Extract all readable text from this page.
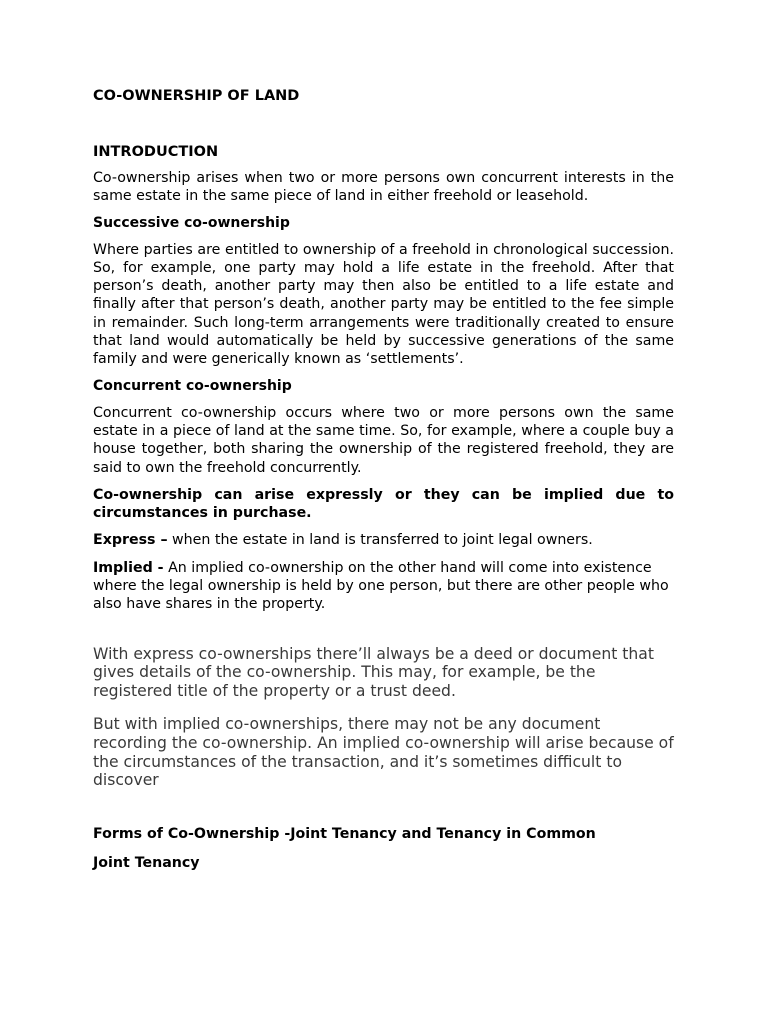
CO-OWNERSHIP OF LAND
INTRODUCTION

Co-ownership arises when two or more persons own concurrent interests in the same estate in the same piece of land in either freehold or leasehold.

Successive co-ownership

Where parties are entitled to ownership of a freehold in chronological succession. So, for example, one party may hold a life estate in the freehold. After that person’s death, another party may then also be entitled to a life estate and finally after that person’s death, another party may be entitled to the fee simple in remainder. Such long-term arrangements were traditionally created to ensure that land would automatically be held by successive generations of the same family and were generically known as ‘settlements’.

Concurrent co-ownership

Concurrent co-ownership occurs where two or more persons own the same estate in a piece of land at the same time. So, for example, where a couple buy a house together, both sharing the ownership of the registered freehold, they are said to own the freehold concurrently.

Co-ownership can arise expressly or they can be implied due to circumstances in purchase.

Express – when the estate in land is transferred to joint legal owners.

Implied - An implied co-ownership on the other hand will come into existence where the legal ownership is held by one person, but there are other people who also have shares in the property.

With express co-ownerships there’ll always be a deed or document that gives details of the co-ownership. This may, for example, be the registered title of the property or a trust deed.

But with implied co-ownerships, there may not be any document recording the co-ownership. An implied co-ownership will arise because of the circumstances of the transaction, and it’s sometimes difficult to discover

Forms of Co-Ownership -Joint Tenancy and Tenancy in Common
Joint Tenancy
